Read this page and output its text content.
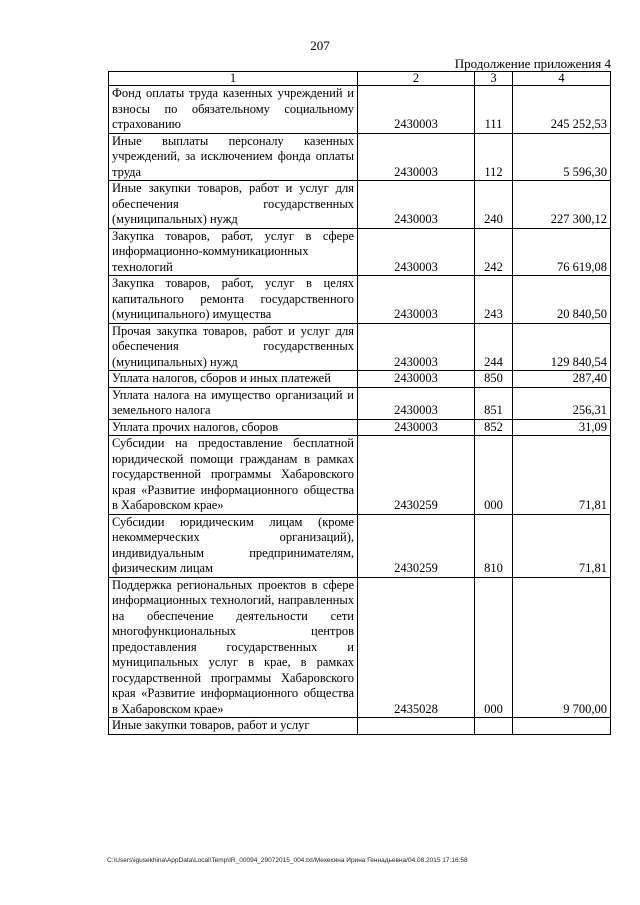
207
Продолжение приложения 4
1	2	3	4
Фонд оплаты труда казенных учреждений и взносы по обязательному социальному страхованию	2430003	111	245 252,53
Иные выплаты персоналу казенных учреждений, за исключением фонда оплаты труда	2430003	112	5 596,30
Иные закупки товаров, работ и услуг для обеспечения государственных (муниципальных) нужд	2430003	240	227 300,12
Закупка товаров, работ, услуг в сфере информационно-коммуникационных технологий	2430003	242	76 619,08
Закупка товаров, работ, услуг в целях капитального ремонта государственного (муниципального) имущества	2430003	243	20 840,50
Прочая закупка товаров, работ и услуг для обеспечения государственных (муниципальных) нужд	2430003	244	129 840,54
Уплата налогов, сборов и иных платежей	2430003	850	287,40
Уплата налога на имущество организаций и земельного налога	2430003	851	256,31
Уплата прочих налогов, сборов	2430003	852	31,09
Субсидии на предоставление бесплатной юридической помощи гражданам в рамках государственной программы Хабаровского края «Развитие информационного общества в Хабаровском крае»	2430259	000	71,81
Субсидии юридическим лицам (кроме некоммерческих организаций), индивидуальным предпринимателям, физическим лицам	2430259	810	71,81
Поддержка региональных проектов в сфере информационных технологий, направленных на обеспечение деятельности сети многофункциональных центров предоставления государственных и муниципальных услуг в крае, в рамках государственной программы Хабаровского края «Развитие информационного общества в Хабаровском крае»	2435028	000	9 700,00
Иные закупки товаров, работ и услуг			
C:\Users\igusekhina\AppData\Local\Temp\IR_00094_29072015_004.txt/Мехехина Ирина Геннадьевна/04.08.2015 17:16:58
